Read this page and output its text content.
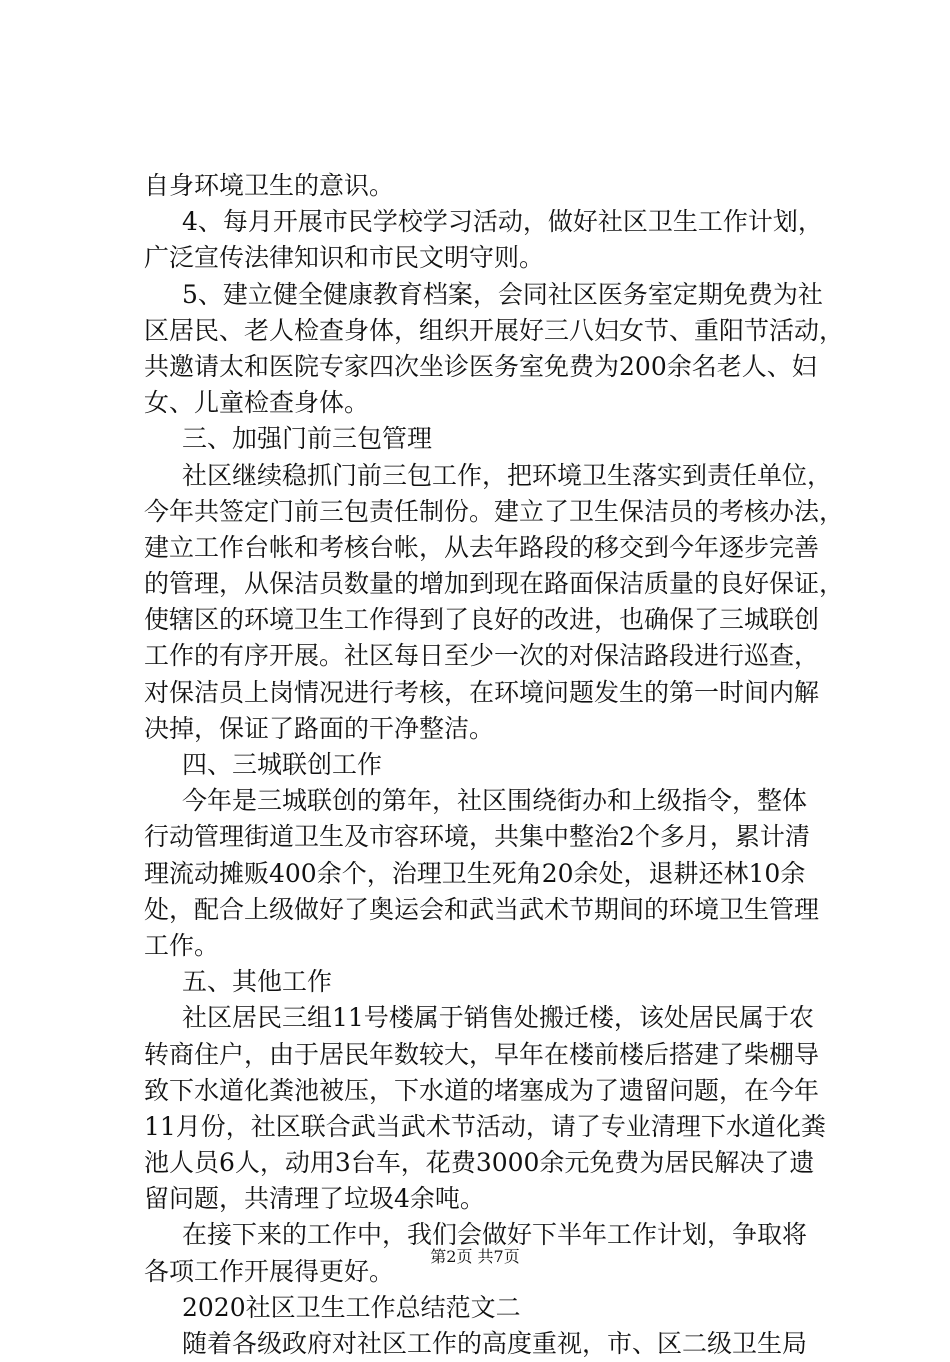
自身环境卫生的意识。
4、每月开展市民学校学习活动，做好社区卫生工作计划，
广泛宣传法律知识和市民文明守则。
5、建立健全健康教育档案，会同社区医务室定期免费为社
区居民、老人检查身体，组织开展好三八妇女节、重阳节活动，
共邀请太和医院专家四次坐诊医务室免费为200余名老人、妇
女、儿童检查身体。
三、加强门前三包管理
社区继续稳抓门前三包工作，把环境卫生落实到责任单位，
今年共签定门前三包责任制份。建立了卫生保洁员的考核办法，
建立工作台帐和考核台帐，从去年路段的移交到今年逐步完善
的管理，从保洁员数量的增加到现在路面保洁质量的良好保证，
使辖区的环境卫生工作得到了良好的改进，也确保了三城联创
工作的有序开展。社区每日至少一次的对保洁路段进行巡查，
对保洁员上岗情况进行考核，在环境问题发生的第一时间内解
决掉，保证了路面的干净整洁。
四、三城联创工作
今年是三城联创的第年，社区围绕街办和上级指令，整体
行动管理街道卫生及市容环境，共集中整治2个多月，累计清
理流动摊贩400余个，治理卫生死角20余处，退耕还林10余
处，配合上级做好了奥运会和武当武术节期间的环境卫生管理
工作。
五、其他工作
社区居民三组11号楼属于销售处搬迁楼，该处居民属于农
转商住户，由于居民年数较大，早年在楼前楼后搭建了柴棚导
致下水道化粪池被压，下水道的堵塞成为了遗留问题，在今年
11月份，社区联合武当武术节活动，请了专业清理下水道化粪
池人员6人，动用3台车，花费3000余元免费为居民解决了遗
留问题，共清理了垃圾4余吨。
在接下来的工作中，我们会做好下半年工作计划，争取将
各项工作开展得更好。
2020社区卫生工作总结范文二
随着各级政府对社区工作的高度重视，市、区二级卫生局
第2页 共7页
